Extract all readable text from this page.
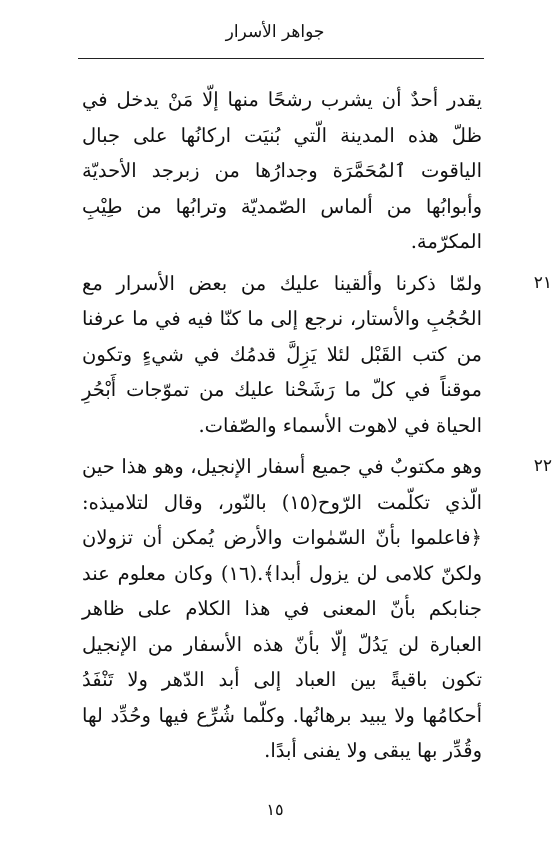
جواهر الأسرار

يقدر أحدٌ أن يشرب رشحًا منها إلّا مَنْ يدخل في ظلّ هذه المدينة الّتي بُنيَت اركانُها على جبال الياقوت ٱلمُحَمَّرَة وجدارُها من زبرجد الأحديّة وأبوابُها من ألماس الصّمديّة وترابُها من طِيْبِ المكرّمة.

٢١
ولمّا ذكرنا وألقينا عليك من بعض الأسرار مع الحُجُبِ والأستار، نرجع إلى ما كنّا فيه في ما عرفنا من كتب القَبْل لئلا يَزِلَّ قدمُك في شيءٍ وتكون موقناً في كلّ ما رَشَحْنا عليك من تموّجات أَبْحُرِ الحياة في لاهوت الأسماء والصّفات.

٢٢
وهو مكتوبٌ في جميع أسفار الإنجيل، وهو هذا حين الّذي تكلّمت الرّوح(١٥) بالنّور، وقال لتلاميذه: ﴿فاعلموا بأنّ السّمٰوات والأرض يُمكن أن تزولان ولكنّ كلامى لن يزول أبدا﴾.(١٦) وكان معلوم عند جنابكم بأنّ المعنى في هذا الكلام على ظاهر العبارة لن يَدُلّ إلّا بأنّ هذه الأسفار من الإنجيل تكون باقيةً بين العباد إلى أبد الدّهر ولا تَنْفَدُ أحكامُها ولا يبيد برهانُها. وكلّما شُرِّع فيها وحُدِّد لها وقُدِّر بها يبقى ولا يفنى أبدًا.

١٥
